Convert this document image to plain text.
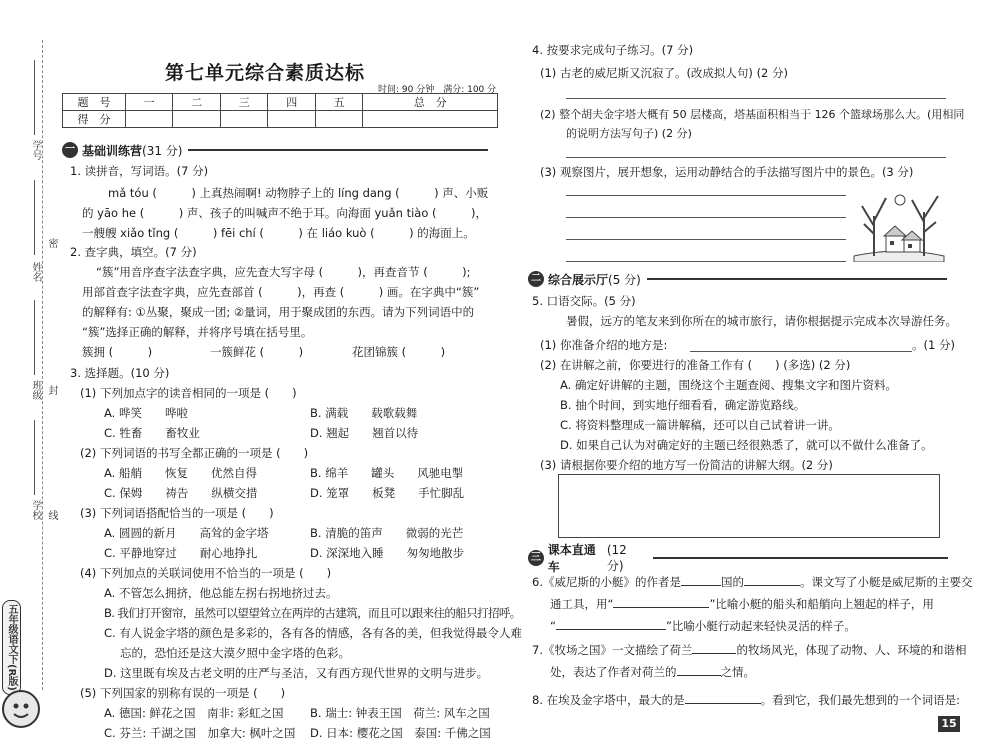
学号
姓名
密
班级 封
学校 线
五年级语文下(R版)
第七单元综合素质达标
时间: 90 分钟　满分: 100 分
题　号	一	二	三	四	五	总　分
得　分						
一 基础训练营 (31 分)
1. 读拼音，写词语。(7 分)
mǎ tóu (　　　) 上真热闹啊! 动物脖子上的 líng dang (　　　) 声、小贩
的 yāo he (　　　) 声、孩子的叫喊声不绝于耳。向海面 yuǎn tiào (　　　)，
一艘艘 xiǎo tǐng (　　　) fēi chí (　　　) 在 liáo kuò (　　　) 的海面上。
2. 查字典，填空。(7 分)
“簇”用音序查字法查字典，应先查大写字母 (　　　)，再查音节 (　　　);
用部首查字法查字典，应先查部首 (　　　)，再查 (　　　) 画。在字典中“簇”
的解释有: ①丛聚，聚成一团; ②量词，用于聚成团的东西。请为下列词语中的
“簇”选择正确的解释，并将序号填在括号里。
簇拥 (　　　)	一簇鲜花 (　　　)	花团锦簇 (　　　)
3. 选择题。(10 分)
(1) 下列加点字的读音相同的一项是 (　　)
A. 哗笑　　哗啦	B. 满载　　载歌载舞
C. 牲畜　　畜牧业	D. 翘起　　翘首以待
(2) 下列词语的书写全都正确的一项是 (　　)
A. 船艄　　恢复　　优然自得	B. 绵羊　　罐头　　风驰电掣
C. 保姆　　祷告　　纵横交措	D. 笼罩　　板凳　　手忙脚乱
(3) 下列词语搭配恰当的一项是 (　　)
A. 圆圆的新月　　高耸的金字塔	B. 清脆的笛声　　微弱的光芒
C. 平静地穿过　　耐心地挣扎	D. 深深地入睡　　匆匆地散步
(4) 下列加点的关联词使用不恰当的一项是 (　　)
A. 不管怎么拥挤，他总能左拐右拐地挤过去。
B. 我们打开窗帘，虽然可以望望耸立在两岸的古建筑，而且可以跟来往的船只打招呼。
C. 有人说金字塔的颜色是多彩的，各有各的情感，各有各的美，但我觉得最令人难
忘的，恐怕还是这大漠夕照中金字塔的色彩。
D. 这里既有埃及古老文明的庄严与圣洁，又有西方现代世界的文明与进步。
(5) 下列国家的别称有误的一项是 (　　)
A. 德国: 鲜花之国　南非: 彩虹之国 B. 瑞士: 钟表王国　荷兰: 风车之国
C. 芬兰: 千湖之国　加拿大: 枫叶之国 D. 日本: 樱花之国　泰国: 千佛之国
4. 按要求完成句子练习。(7 分)
(1) 古老的威尼斯又沉寂了。(改成拟人句) (2 分)
(2) 整个胡夫金字塔大概有 50 层楼高，塔基面积相当于 126 个篮球场那么大。(用相同
的说明方法写句子) (2 分)
(3) 观察图片，展开想象，运用动静结合的手法描写图片中的景色。(3 分)
二 综合展示厅 (5 分)
5. 口语交际。(5 分)
暑假，远方的笔友来到你所在的城市旅行，请你根据提示完成本次导游任务。
(1) 你准备介绍的地方是:	。(1 分)
(2) 在讲解之前，你要进行的准备工作有 (　　) (多选) (2 分)
A. 确定好讲解的主题，围绕这个主题查阅、搜集文字和图片资料。
B. 抽个时间，到实地仔细看看，确定游览路线。
C. 将资料整理成一篇讲解稿，还可以自己试着讲一讲。
D. 如果自己认为对确定好的主题已经很熟悉了，就可以不做什么准备了。
(3) 请根据你要介绍的地方写一份简洁的讲解大纲。(2 分)
三
课本直通车
(12 分)
6.《威尼斯的小艇》的作者是	国的	。课文写了小艇是威尼斯的主要交
通工具，用“	”比喻小艇的船头和船艄向上翘起的样子，用
“	”比喻小艇行动起来轻快灵活的样子。
7.《牧场之国》一文描绘了荷兰	的牧场风光，体现了动物、人、环境的和谐相
处，表达了作者对荷兰的	之情。
8. 在埃及金字塔中，最大的是	。看到它，我们最先想到的一个词语是:
15
